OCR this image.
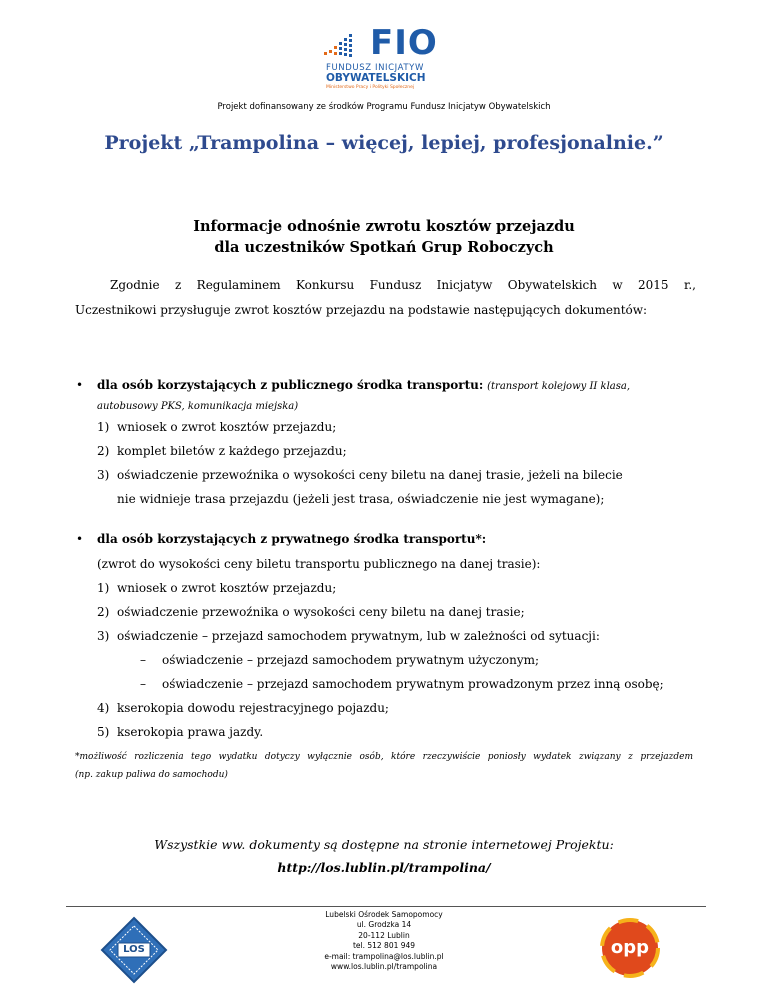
FIO
FUNDUSZ INICJATYW
OBYWATELSKICH
Ministerstwo Pracy i Polityki Społecznej
Projekt dofinansowany ze środków Programu Fundusz Inicjatyw Obywatelskich
Projekt „Trampolina – więcej, lepiej, profesjonalnie.”
Informacje odnośnie zwrotu kosztów przejazdu
dla uczestników Spotkań Grup Roboczych
Zgodnie z Regulaminem Konkursu Fundusz Inicjatyw Obywatelskich w 2015 r.,
Uczestnikowi przysługuje zwrot kosztów przejazdu na podstawie następujących dokumentów:
• dla osób korzystających z publicznego środka transportu: (transport kolejowy II klasa,
autobusowy PKS, komunikacja miejska)
1) wniosek o zwrot kosztów przejazdu;
2) komplet biletów z każdego przejazdu;
3) oświadczenie przewoźnika o wysokości ceny biletu na danej trasie, jeżeli na bilecie
nie widnieje trasa przejazdu (jeżeli jest trasa, oświadczenie nie jest wymagane);
• dla osób korzystających z prywatnego środka transportu*:
(zwrot do wysokości ceny biletu transportu publicznego na danej trasie):
1) wniosek o zwrot kosztów przejazdu;
2) oświadczenie przewoźnika o wysokości ceny biletu na danej trasie;
3) oświadczenie – przejazd samochodem prywatnym, lub w zależności od sytuacji:
– oświadczenie – przejazd samochodem prywatnym użyczonym;
– oświadczenie – przejazd samochodem prywatnym prowadzonym przez inną osobę;
4) kserokopia dowodu rejestracyjnego pojazdu;
5) kserokopia prawa jazdy.
*możliwość rozliczenia tego wydatku dotyczy wyłącznie osób, które rzeczywiście poniosły wydatek związany z przejazdem
(np. zakup paliwa do samochodu)
Wszystkie ww. dokumenty są dostępne na stronie internetowej Projektu:
http://los.lublin.pl/trampolina/
LOS
Lubelski Ośrodek Samopomocy
ul. Grodzka 14
20-112 Lublin
tel. 512 801 949
e-mail: trampolina@los.lublin.pl
www.los.lublin.pl/trampolina
opp
